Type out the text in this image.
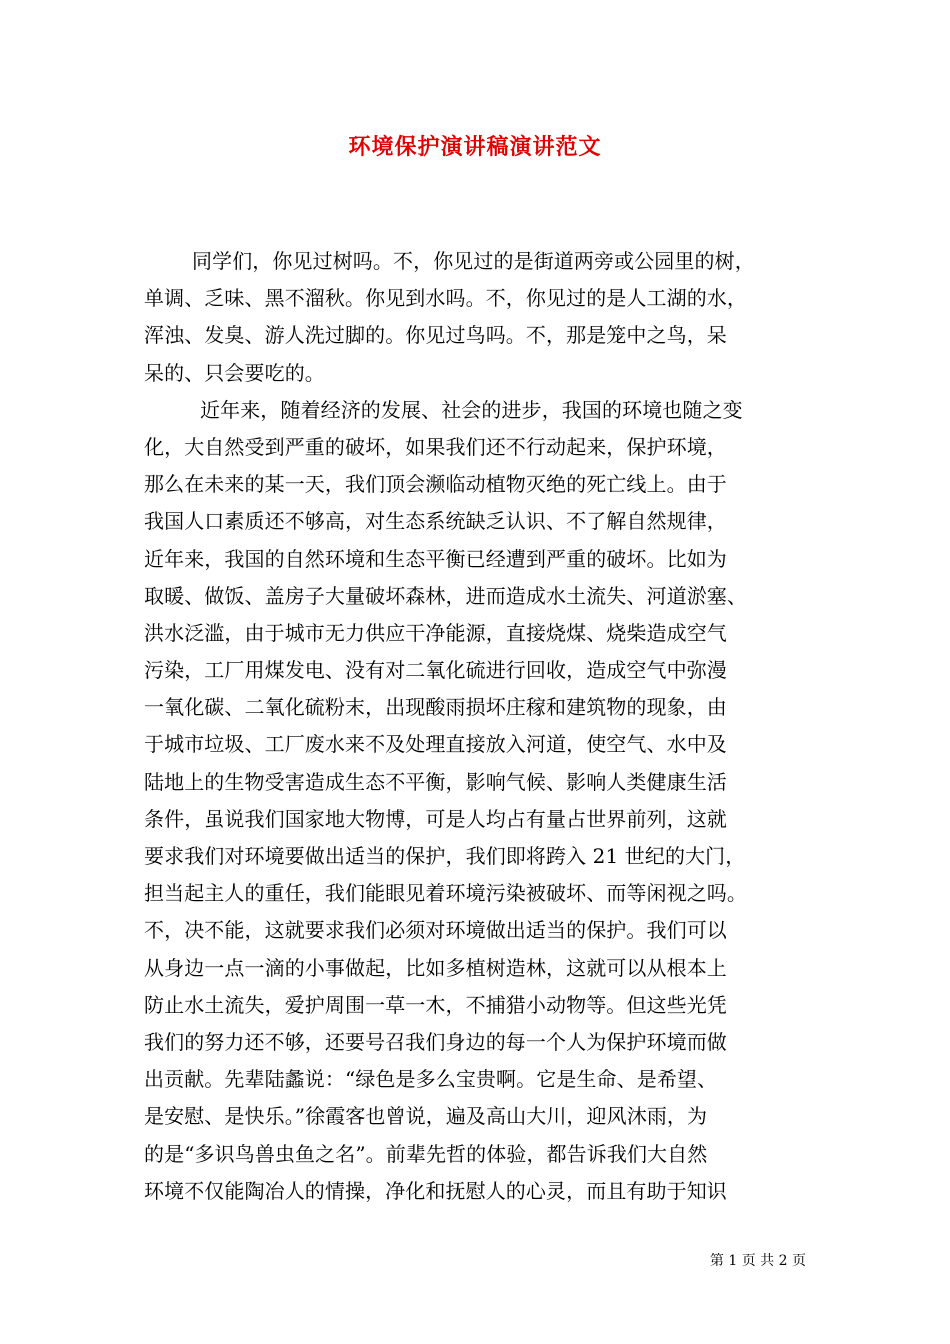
环境保护演讲稿演讲范文
同学们，你见过树吗。不，你见过的是街道两旁或公园里的树，
单调、乏味、黑不溜秋。你见到水吗。不，你见过的是人工湖的水，
浑浊、发臭、游人洗过脚的。你见过鸟吗。不，那是笼中之鸟，呆
呆的、只会要吃的。
近年来，随着经济的发展、社会的进步，我国的环境也随之变
化，大自然受到严重的破坏，如果我们还不行动起来，保护环境，
那么在未来的某一天，我们顶会濒临动植物灭绝的死亡线上。由于
我国人口素质还不够高，对生态系统缺乏认识、不了解自然规律，
近年来，我国的自然环境和生态平衡已经遭到严重的破坏。比如为
取暖、做饭、盖房子大量破坏森林，进而造成水土流失、河道淤塞、
洪水泛滥，由于城市无力供应干净能源，直接烧煤、烧柴造成空气
污染，工厂用煤发电、没有对二氧化硫进行回收，造成空气中弥漫
一氧化碳、二氧化硫粉末，出现酸雨损坏庄稼和建筑物的现象，由
于城市垃圾、工厂废水来不及处理直接放入河道，使空气、水中及
陆地上的生物受害造成生态不平衡，影响气候、影响人类健康生活
条件，虽说我们国家地大物博，可是人均占有量占世界前列，这就
要求我们对环境要做出适当的保护，我们即将跨入 21 世纪的大门，
担当起主人的重任，我们能眼见着环境污染被破坏、而等闲视之吗。
不，决不能，这就要求我们必须对环境做出适当的保护。我们可以
从身边一点一滴的小事做起，比如多植树造林，这就可以从根本上
防止水土流失，爱护周围一草一木，不捕猎小动物等。但这些光凭
我们的努力还不够，还要号召我们身边的每一个人为保护环境而做
出贡献。先辈陆蠡说：“绿色是多么宝贵啊。它是生命、是希望、
是安慰、是快乐。”徐霞客也曾说，遍及高山大川，迎风沐雨，为
的是“多识鸟兽虫鱼之名”。前辈先哲的体验，都告诉我们大自然
环境不仅能陶冶人的情操，净化和抚慰人的心灵，而且有助于知识
第 1 页 共 2 页
